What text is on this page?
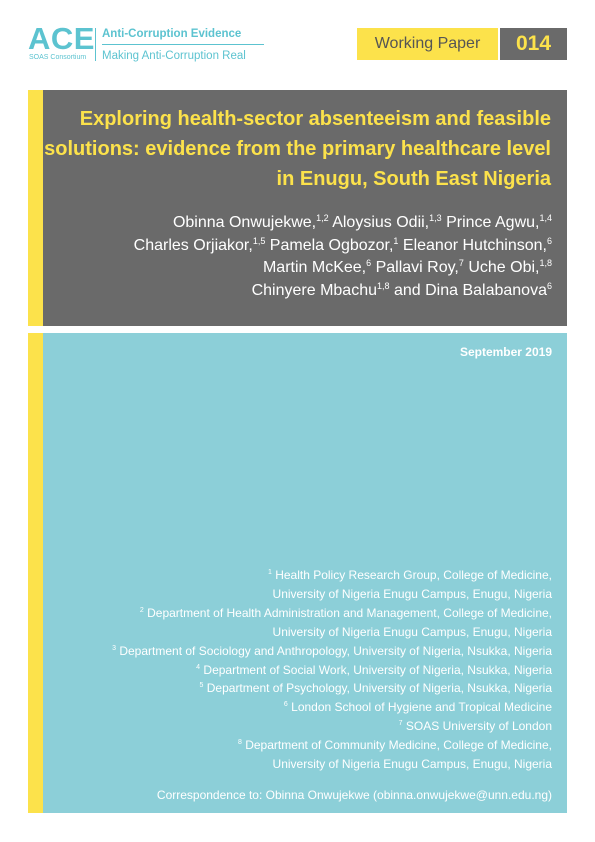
ACE
SOAS Consortium
Anti-Corruption Evidence
Making Anti-Corruption Real
Working Paper	014
Exploring health-sector absenteeism and feasible solutions: evidence from the primary healthcare level in Enugu, South East Nigeria
Obinna Onwujekwe,$^{1,2}$ Aloysius Odii,$^{1,3}$ Prince Agwu,$^{1,4}$
Charles Orjiakor,$^{1,5}$ Pamela Ogbozor,$^1$ Eleanor Hutchinson,$^6$
Martin McKee,$^6$ Pallavi Roy,$^7$ Uche Obi,$^{1,8}$
Chinyere Mbachu$^{1,8}$ and Dina Balabanova$^6$
September 2019
$^1$ Health Policy Research Group, College of Medicine,
University of Nigeria Enugu Campus, Enugu, Nigeria
$^2$ Department of Health Administration and Management, College of Medicine,
University of Nigeria Enugu Campus, Enugu, Nigeria
$^3$ Department of Sociology and Anthropology, University of Nigeria, Nsukka, Nigeria
$^4$ Department of Social Work, University of Nigeria, Nsukka, Nigeria
$^5$ Department of Psychology, University of Nigeria, Nsukka, Nigeria
$^6$ London School of Hygiene and Tropical Medicine
$^7$ SOAS University of London
$^8$ Department of Community Medicine, College of Medicine,
University of Nigeria Enugu Campus, Enugu, Nigeria
Correspondence to: Obinna Onwujekwe (obinna.onwujekwe@unn.edu.ng)
